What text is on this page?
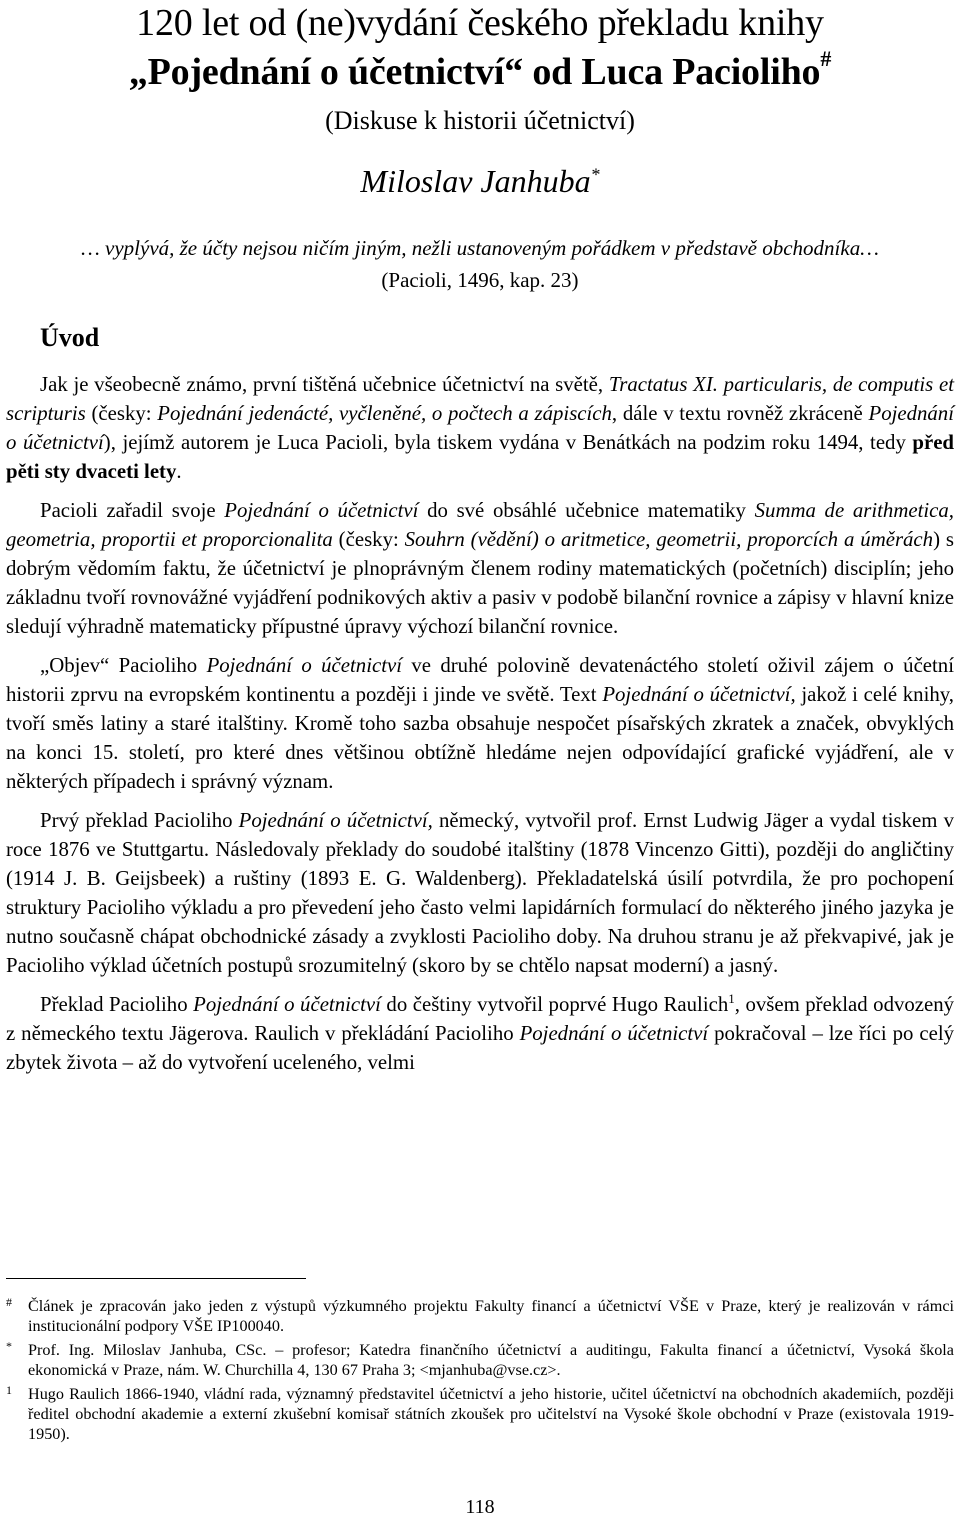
120 let od (ne)vydání českého překladu knihy
„Pojednání o účetnictví“ od Luca Pacioliho#
(Diskuse k historii účetnictví)
Miloslav Janhuba*
… vyplývá, že účty nejsou ničím jiným, nežli ustanoveným pořádkem v představě obchodníka…
(Pacioli, 1496, kap. 23)
Úvod

Jak je všeobecně známo, první tištěná učebnice účetnictví na světě, Tractatus XI. particularis, de computis et scripturis (česky: Pojednání jedenácté, vyčleněné, o počtech a zápiscích, dále v textu rovněž zkráceně Pojednání o účetnictví), jejímž autorem je Luca Pacioli, byla tiskem vydána v Benátkách na podzim roku 1494, tedy před pěti sty dvaceti lety.

Pacioli zařadil svoje Pojednání o účetnictví do své obsáhlé učebnice matematiky Summa de arithmetica, geometria, proportii et proporcionalita (česky: Souhrn (vědění) o aritmetice, geometrii, proporcích a úměrách) s dobrým vědomím faktu, že účetnictví je plnoprávným členem rodiny matematických (početních) disciplín; jeho základnu tvoří rovnovážné vyjádření podnikových aktiv a pasiv v podobě bilanční rovnice a zápisy v hlavní knize sledují výhradně matematicky přípustné úpravy výchozí bilanční rovnice.

„Objev“ Pacioliho Pojednání o účetnictví ve druhé polovině devatenáctého století oživil zájem o účetní historii zprvu na evropském kontinentu a později i jinde ve světě. Text Pojednání o účetnictví, jakož i celé knihy, tvoří směs latiny a staré italštiny. Kromě toho sazba obsahuje nespočet písařských zkratek a značek, obvyklých na konci 15. století, pro které dnes většinou obtížně hledáme nejen odpovídající grafické vyjádření, ale v některých případech i správný význam.

Prvý překlad Pacioliho Pojednání o účetnictví, německý, vytvořil prof. Ernst Ludwig Jäger a vydal tiskem v roce 1876 ve Stuttgartu. Následovaly překlady do soudobé italštiny (1878 Vincenzo Gitti), později do angličtiny (1914 J. B. Geijsbeek) a ruštiny (1893 E. G. Waldenberg). Překladatelská úsilí potvrdila, že pro pochopení struktury Pacioliho výkladu a pro převedení jeho často velmi lapidárních formulací do některého jiného jazyka je nutno současně chápat obchodnické zásady a zvyklosti Pacioliho doby. Na druhou stranu je až překvapivé, jak je Pacioliho výklad účetních postupů srozumitelný (skoro by se chtělo napsat moderní) a jasný.

Překlad Pacioliho Pojednání o účetnictví do češtiny vytvořil poprvé Hugo Raulich$^1$, ovšem překlad odvozený z německého textu Jägerova. Raulich v překládání Pacioliho Pojednání o účetnictví pokračoval – lze říci po celý zbytek života – až do vytvoření uceleného, velmi

# Článek je zpracován jako jeden z výstupů výzkumného projektu Fakulty financí a účetnictví VŠE v Praze, který je realizován v rámci institucionální podpory VŠE IP100040.
* Prof. Ing. Miloslav Janhuba, CSc. – profesor; Katedra finančního účetnictví a auditingu, Fakulta financí a účetnictví, Vysoká škola ekonomická v Praze, nám. W. Churchilla 4, 130 67 Praha 3; <mjanhuba@vse.cz>.
1 Hugo Raulich 1866-1940, vládní rada, významný představitel účetnictví a jeho historie, učitel účetnictví na obchodních akademiích, později ředitel obchodní akademie a externí zkušební komisař státních zkoušek pro učitelství na Vysoké škole obchodní v Praze (existovala 1919-1950).
118
